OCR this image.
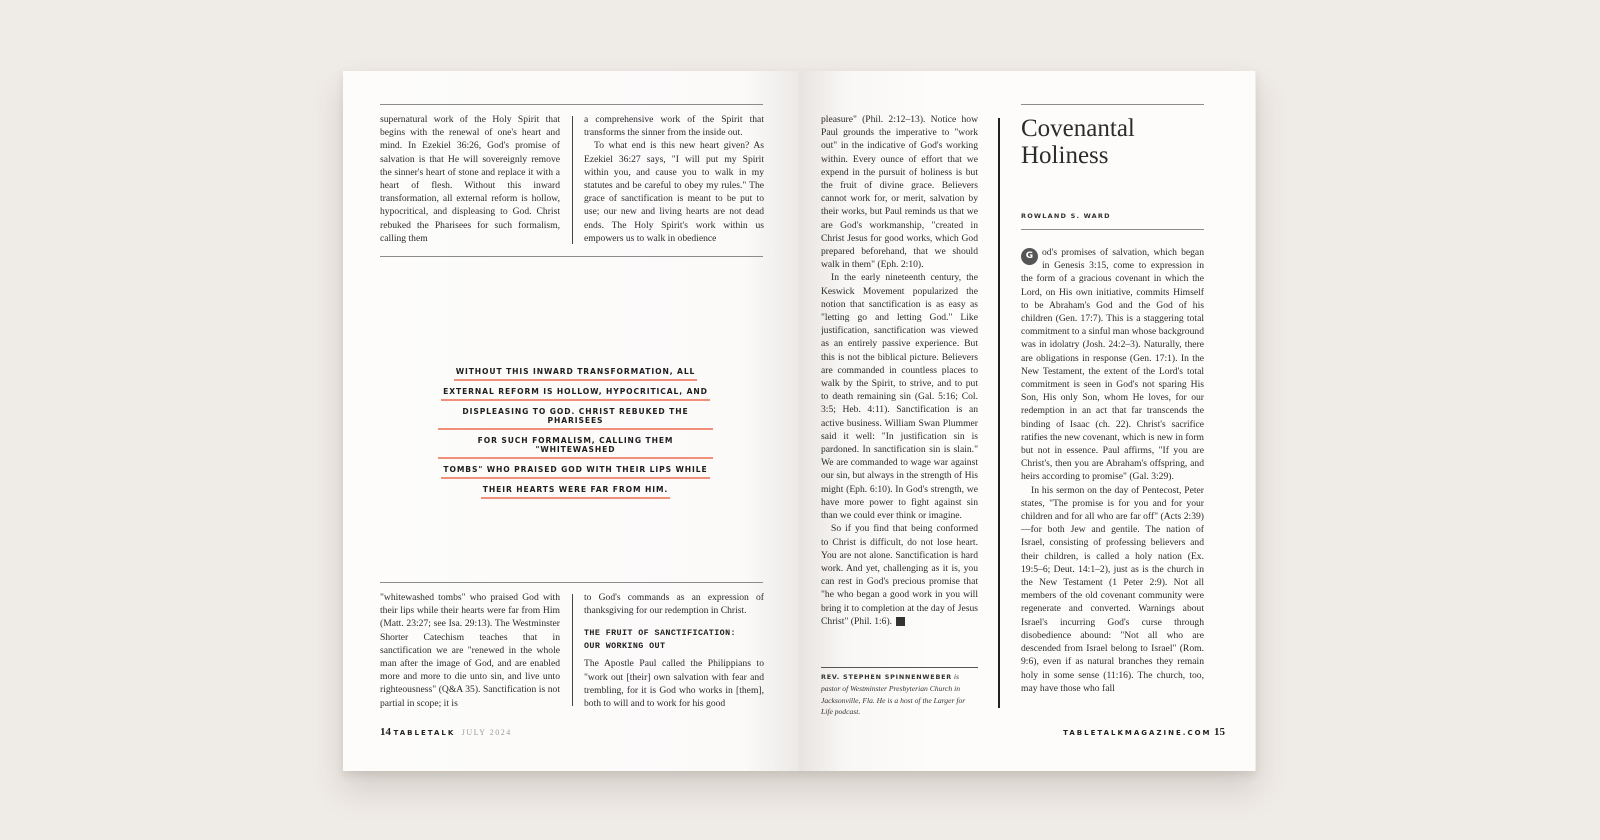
supernatural work of the Holy Spirit that begins with the renewal of one's heart and mind. In Ezekiel 36:26, God's promise of salvation is that He will sovereignly remove the sinner's heart of stone and replace it with a heart of flesh. Without this inward transformation, all external reform is hollow, hypocritical, and displeasing to God. Christ rebuked the Pharisees for such formalism, calling them

a comprehensive work of the Spirit that transforms the sinner from the inside out.

To what end is this new heart given? As Ezekiel 36:27 says, "I will put my Spirit within you, and cause you to walk in my statutes and be careful to obey my rules." The grace of sanctification is meant to be put to use; our new and living hearts are not dead ends. The Holy Spirit's work within us empowers us to walk in obedience

WITHOUT THIS INWARD TRANSFORMATION, ALL
EXTERNAL REFORM IS HOLLOW, HYPOCRITICAL, AND
DISPLEASING TO GOD. CHRIST REBUKED THE PHARISEES
FOR SUCH FORMALISM, CALLING THEM "WHITEWASHED
TOMBS" WHO PRAISED GOD WITH THEIR LIPS WHILE
THEIR HEARTS WERE FAR FROM HIM.

"whitewashed tombs" who praised God with their lips while their hearts were far from Him (Matt. 23:27; see Isa. 29:13). The Westminster Shorter Catechism teaches that in sanctification we are "renewed in the whole man after the image of God, and are enabled more and more to die unto sin, and live unto righteousness" (Q&A 35). Sanctification is not partial in scope; it is

to God's commands as an expression of thanksgiving for our redemption in Christ.

THE FRUIT OF SANCTIFICATION:
OUR WORKING OUT

The Apostle Paul called the Philippians to "work out [their] own salvation with fear and trembling, for it is God who works in [them], both to will and to work for his good

14 TABLETALK JULY 2024

pleasure" (Phil. 2:12–13). Notice how Paul grounds the imperative to "work out" in the indicative of God's working within. Every ounce of effort that we expend in the pursuit of holiness is but the fruit of divine grace. Believers cannot work for, or merit, salvation by their works, but Paul reminds us that we are God's workmanship, "created in Christ Jesus for good works, which God prepared beforehand, that we should walk in them" (Eph. 2:10).

In the early nineteenth century, the Keswick Movement popularized the notion that sanctification is as easy as "letting go and letting God." Like justification, sanctification was viewed as an entirely passive experience. But this is not the biblical picture. Believers are commanded in countless places to walk by the Spirit, to strive, and to put to death remaining sin (Gal. 5:16; Col. 3:5; Heb. 4:11). Sanctification is an active business. William Swan Plummer said it well: "In justification sin is pardoned. In sanctification sin is slain." We are commanded to wage war against our sin, but always in the strength of His might (Eph. 6:10). In God's strength, we have more power to fight against sin than we could ever think or imagine.

So if you find that being conformed to Christ is difficult, do not lose heart. You are not alone. Sanctification is hard work. And yet, challenging as it is, you can rest in God's precious promise that "he who began a good work in you will bring it to completion at the day of Jesus Christ" (Phil. 1:6). T

REV. STEPHEN SPINNENWEBER is pastor of Westminster Presbyterian Church in Jacksonville, Fla. He is a host of the Larger for Life podcast.
Covenantal Holiness
ROWLAND S. WARD

G od's promises of salvation, which began in Genesis 3:15, come to expression in the form of a gracious covenant in which the Lord, on His own initiative, commits Himself to be Abraham's God and the God of his children (Gen. 17:7). This is a staggering total commitment to a sinful man whose background was in idolatry (Josh. 24:2–3). Naturally, there are obligations in response (Gen. 17:1). In the New Testament, the extent of the Lord's total commitment is seen in God's not sparing His Son, His only Son, whom He loves, for our redemption in an act that far transcends the binding of Isaac (ch. 22). Christ's sacrifice ratifies the new covenant, which is new in form but not in essence. Paul affirms, "If you are Christ's, then you are Abraham's offspring, and heirs according to promise" (Gal. 3:29).

In his sermon on the day of Pentecost, Peter states, "The promise is for you and for your children and for all who are far off" (Acts 2:39)—for both Jew and gentile. The nation of Israel, consisting of professing believers and their children, is called a holy nation (Ex. 19:5–6; Deut. 14:1–2), just as is the church in the New Testament (1 Peter 2:9). Not all members of the old covenant community were regenerate and converted. Warnings about Israel's incurring God's curse through disobedience abound: "Not all who are descended from Israel belong to Israel" (Rom. 9:6), even if as natural branches they remain holy in some sense (11:16). The church, too, may have those who fall

TABLETALKMAGAZINE.COM 15
